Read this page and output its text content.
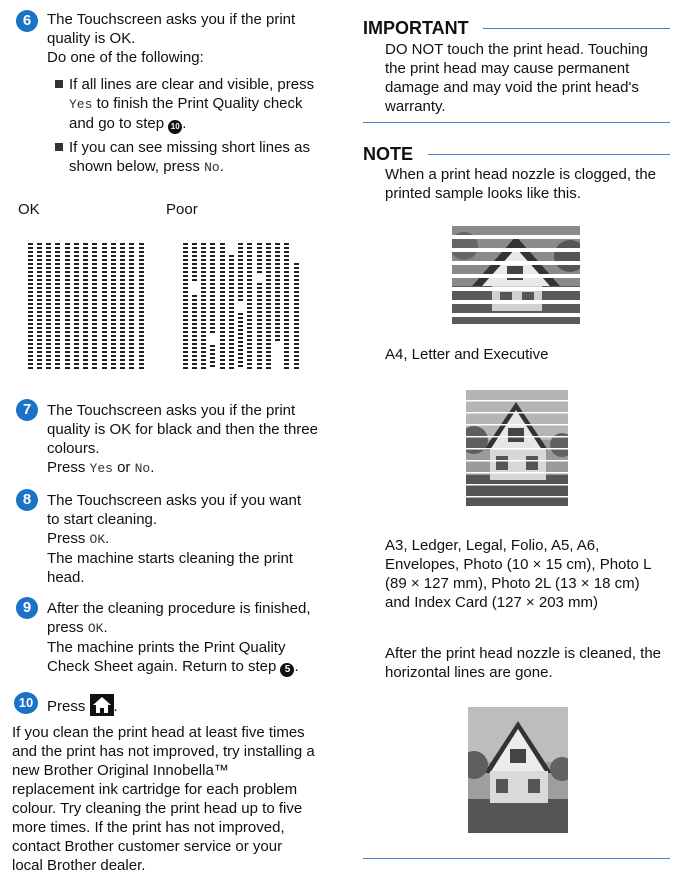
6	The Touchscreen asks you if the print

quality is OK.

Do one of the following:

If all lines are clear and visible, press

Yes to finish the Print Quality check

and go to step 10 .

If you can see missing short lines as

shown below, press No.

OK	Poor
7	The Touchscreen asks you if the print

quality is OK for black and then the three

colours.

Press Yes or No.

8	The Touchscreen asks you if you want

to start cleaning.

Press OK.

The machine starts cleaning the print

head.

9	After the cleaning procedure is finished,

press OK.

The machine prints the Print Quality

Check Sheet again. Return to step 5 .

10 Press .

If you clean the print head at least five times

and the print has not improved, try installing a

new Brother Original Innobella™

replacement ink cartridge for each problem

colour. Try cleaning the print head up to five

more times. If the print has not improved,

contact Brother customer service or your

local Brother dealer.

IMPORTANT

DO NOT touch the print head. Touching

the print head may cause permanent

damage and may void the print head's

warranty.

NOTE

When a print head nozzle is clogged, the

printed sample looks like this.

A4, Letter and Executive

A3, Ledger, Legal, Folio, A5, A6,

Envelopes, Photo (10 × 15 cm), Photo L

(89 × 127 mm), Photo 2L (13 × 18 cm)

and Index Card (127 × 203 mm)

After the print head nozzle is cleaned, the

horizontal lines are gone.
